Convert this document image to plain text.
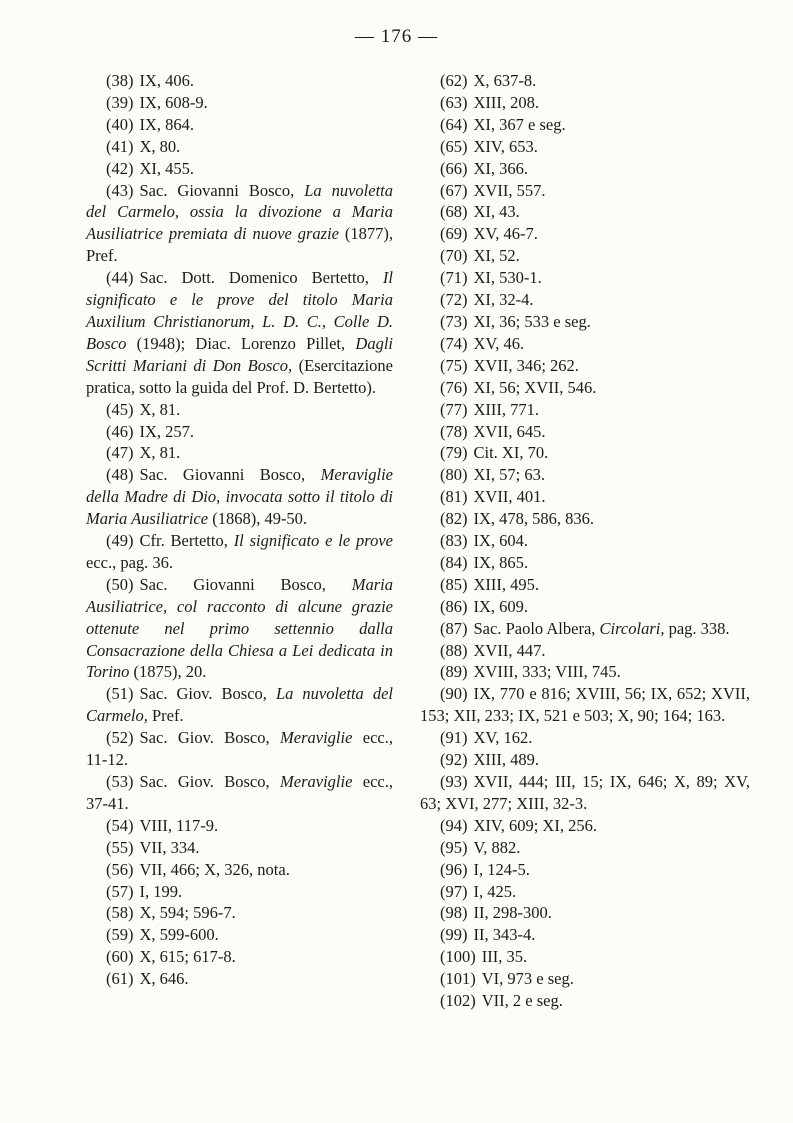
— 176 —

(38) IX, 406.

(39) IX, 608-9.

(40) IX, 864.

(41) X, 80.

(42) XI, 455.

(43) Sac. Giovanni Bosco, La nuvoletta del Carmelo, ossia la divozione a Maria Ausiliatrice premiata di nuove grazie (1877), Pref.

(44) Sac. Dott. Domenico Bertetto, Il significato e le prove del titolo Maria Auxilium Christianorum, L. D. C., Colle D. Bosco (1948); Diac. Lorenzo Pillet, Dagli Scritti Mariani di Don Bosco, (Esercitazione pratica, sotto la guida del Prof. D. Bertetto).

(45) X, 81.

(46) IX, 257.

(47) X, 81.

(48) Sac. Giovanni Bosco, Meraviglie della Madre di Dio, invocata sotto il titolo di Maria Ausiliatrice (1868), 49-50.

(49) Cfr. Bertetto, Il significato e le prove ecc., pag. 36.

(50) Sac. Giovanni Bosco, Maria Ausiliatrice, col racconto di alcune grazie ottenute nel primo settennio dalla Consacrazione della Chiesa a Lei dedicata in Torino (1875), 20.

(51) Sac. Giov. Bosco, La nuvoletta del Carmelo, Pref.

(52) Sac. Giov. Bosco, Meraviglie ecc., 11-12.

(53) Sac. Giov. Bosco, Meraviglie ecc., 37-41.

(54) VIII, 117-9.

(55) VII, 334.

(56) VII, 466; X, 326, nota.

(57) I, 199.

(58) X, 594; 596-7.

(59) X, 599-600.

(60) X, 615; 617-8.

(61) X, 646.

(62) X, 637-8.

(63) XIII, 208.

(64) XI, 367 e seg.

(65) XIV, 653.

(66) XI, 366.

(67) XVII, 557.

(68) XI, 43.

(69) XV, 46-7.

(70) XI, 52.

(71) XI, 530-1.

(72) XI, 32-4.

(73) XI, 36; 533 e seg.

(74) XV, 46.

(75) XVII, 346; 262.

(76) XI, 56; XVII, 546.

(77) XIII, 771.

(78) XVII, 645.

(79) Cit. XI, 70.

(80) XI, 57; 63.

(81) XVII, 401.

(82) IX, 478, 586, 836.

(83) IX, 604.

(84) IX, 865.

(85) XIII, 495.

(86) IX, 609.

(87) Sac. Paolo Albera, Circolari, pag. 338.

(88) XVII, 447.

(89) XVIII, 333; VIII, 745.

(90) IX, 770 e 816; XVIII, 56; IX, 652; XVII, 153; XII, 233; IX, 521 e 503; X, 90; 164; 163.

(91) XV, 162.

(92) XIII, 489.

(93) XVII, 444; III, 15; IX, 646; X, 89; XV, 63; XVI, 277; XIII, 32-3.

(94) XIV, 609; XI, 256.

(95) V, 882.

(96) I, 124-5.

(97) I, 425.

(98) II, 298-300.

(99) II, 343-4.

(100) III, 35.

(101) VI, 973 e seg.

(102) VII, 2 e seg.
